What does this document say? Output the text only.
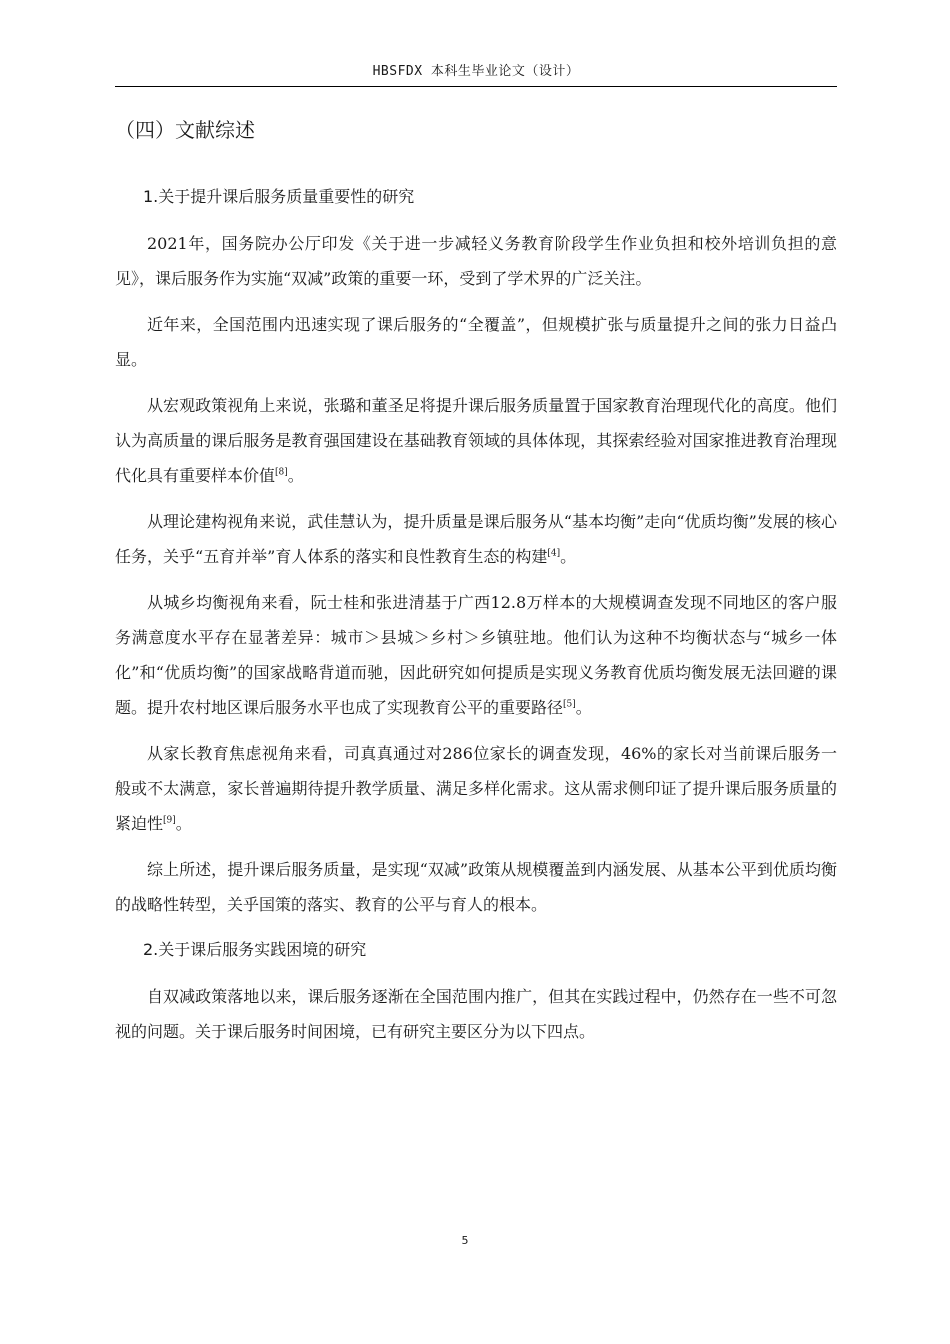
HBSFDX 本科生毕业论文（设计）
（四）文献综述
1.关于提升课后服务质量重要性的研究

2021年，国务院办公厅印发《关于进一步减轻义务教育阶段学生作业负担和校外培训负担的意见》，课后服务作为实施“双减”政策的重要一环，受到了学术界的广泛关注。

近年来，全国范围内迅速实现了课后服务的“全覆盖”，但规模扩张与质量提升之间的张力日益凸显。

从宏观政策视角上来说，张璐和董圣足将提升课后服务质量置于国家教育治理现代化的高度。他们认为高质量的课后服务是教育强国建设在基础教育领域的具体体现，其探索经验对国家推进教育治理现代化具有重要样本价值[8]。

从理论建构视角来说，武佳慧认为，提升质量是课后服务从“基本均衡”走向“优质均衡”发展的核心任务，关乎“五育并举”育人体系的落实和良性教育生态的构建[4]。

从城乡均衡视角来看，阮士桂和张进清基于广西12.8万样本的大规模调查发现不同地区的客户服务满意度水平存在显著差异：城市＞县城＞乡村＞乡镇驻地。他们认为这种不均衡状态与“城乡一体化”和“优质均衡”的国家战略背道而驰，因此研究如何提质是实现义务教育优质均衡发展无法回避的课题。提升农村地区课后服务水平也成了实现教育公平的重要路径[5]。

从家长教育焦虑视角来看，司真真通过对286位家长的调查发现，46%的家长对当前课后服务一般或不太满意，家长普遍期待提升教学质量、满足多样化需求。这从需求侧印证了提升课后服务质量的紧迫性[9]。

综上所述，提升课后服务质量，是实现“双减”政策从规模覆盖到内涵发展、从基本公平到优质均衡的战略性转型，关乎国策的落实、教育的公平与育人的根本。

2.关于课后服务实践困境的研究

自双减政策落地以来，课后服务逐渐在全国范围内推广，但其在实践过程中，仍然存在一些不可忽视的问题。关于课后服务时间困境，已有研究主要区分为以下四点。

5
